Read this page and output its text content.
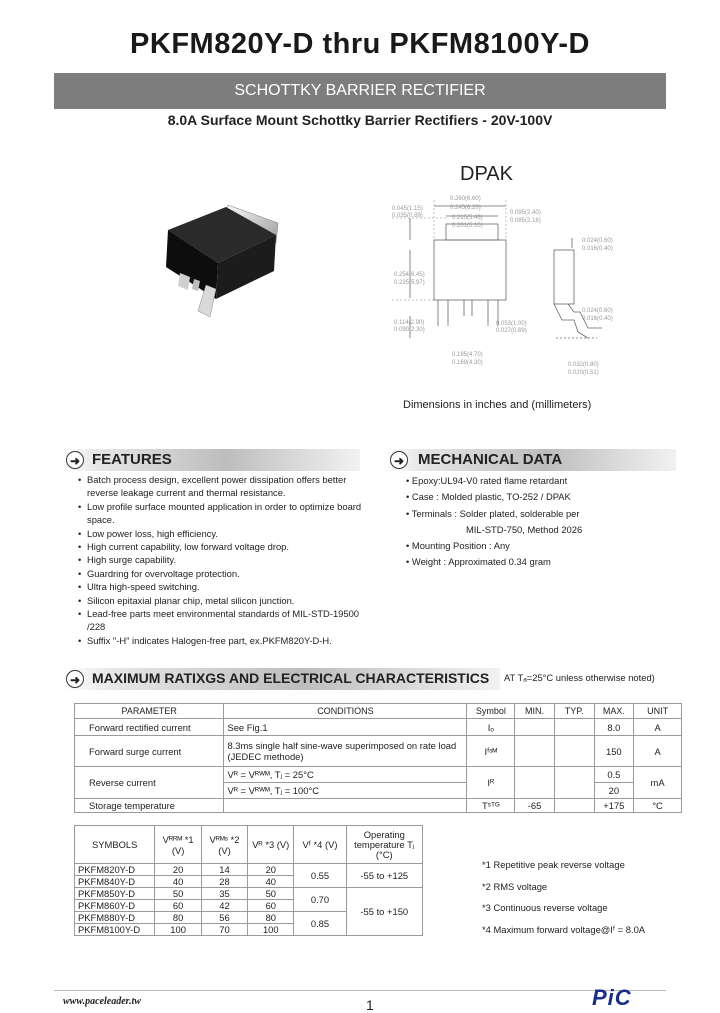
PKFM820Y-D thru PKFM8100Y-D
SCHOTTKY BARRIER RECTIFIER
8.0A Surface Mount Schottky Barrier Rectifiers - 20V-100V
DPAK
0.260(6.60)
0.245(6.20)
0.215(5.46)
0.201(5.10)
0.045(1.15)
0.035(0.89)	0.095(2.40)
0.085(2.18)
0.254(6.45)
0.235(5.97)
0.114(2.90)
0.090(2.30)
0.053(1.00)
0.027(0.69)
0.185(4.70)
0.169(4.30)
0.024(0.60)
0.016(0.40)
0.024(0.60)
0.016(0.40)
0.032(0.80)
0.020(0.51)
Dimensions in inches and (millimeters)
➜ FEATURES
• Batch process design, excellent power dissipation offers better reverse leakage current and thermal resistance.
• Low profile surface mounted application in order to optimize board space.
• Low power loss, high efficiency.
• High current capability, low forward voltage drop.
• High surge capability.
• Guardring for overvoltage protection.
• Ultra high-speed switching.
• Silicon epitaxial planar chip, metal silicon junction.
• Lead-free parts meet environmental standards of MIL-STD-19500 /228
• Suffix "-H" indicates Halogen-free part, ex.PKFM820Y-D-H.
➜ MECHANICAL DATA

• Epoxy:UL94-V0 rated flame retardant

• Case : Molded plastic, TO-252 / DPAK

• Terminals : Solder plated, solderable per

MIL-STD-750, Method 2026

• Mounting Position : Any

• Weight : Approximated 0.34 gram

➜ MAXIMUM RATIXGS AND ELECTRICAL CHARACTERISTICS AT Tₐ=25°C unless otherwise noted)
PARAMETER	CONDITIONS	Symbol	MIN.	TYP.	MAX.	UNIT
Forward rectified current	See Fig.1	Iₒ			8.0	A
Forward surge current	8.3ms single half sine-wave superimposed on rate load (JEDEC methode)	Iᶠˢᴹ			150	A
Reverse current	Vᴿ = Vᴿᵂᴹ, Tⱼ = 25°C	Iᴿ			0.5	mA
	Vᴿ = Vᴿᵂᴹ, Tⱼ = 100°C				20	
Storage temperature		Tˢᵀᴳ	-65		+175	°C
SYMBOLS	Vᴿᴿᴹ *1 (V)	Vᴿᴹˢ *2 (V)	Vᴿ *3 (V)	Vᶠ *4 (V)	Operating temperature Tⱼ (°C)
PKFM820Y-D	20	14	20	0.55	-55 to +125
PKFM840Y-D	40	28	40		
PKFM850Y-D	50	35	50	0.70	-55 to +150
PKFM860Y-D	60	42	60		
PKFM880Y-D	80	56	80	0.85	
PKFM8100Y-D	100	70	100		

*1 Repetitive peak reverse voltage

*2 RMS voltage

*3 Continuous reverse voltage

*4 Maximum forward voltage@Iᶠ = 8.0A

www.paceleader.tw	1	PiC
